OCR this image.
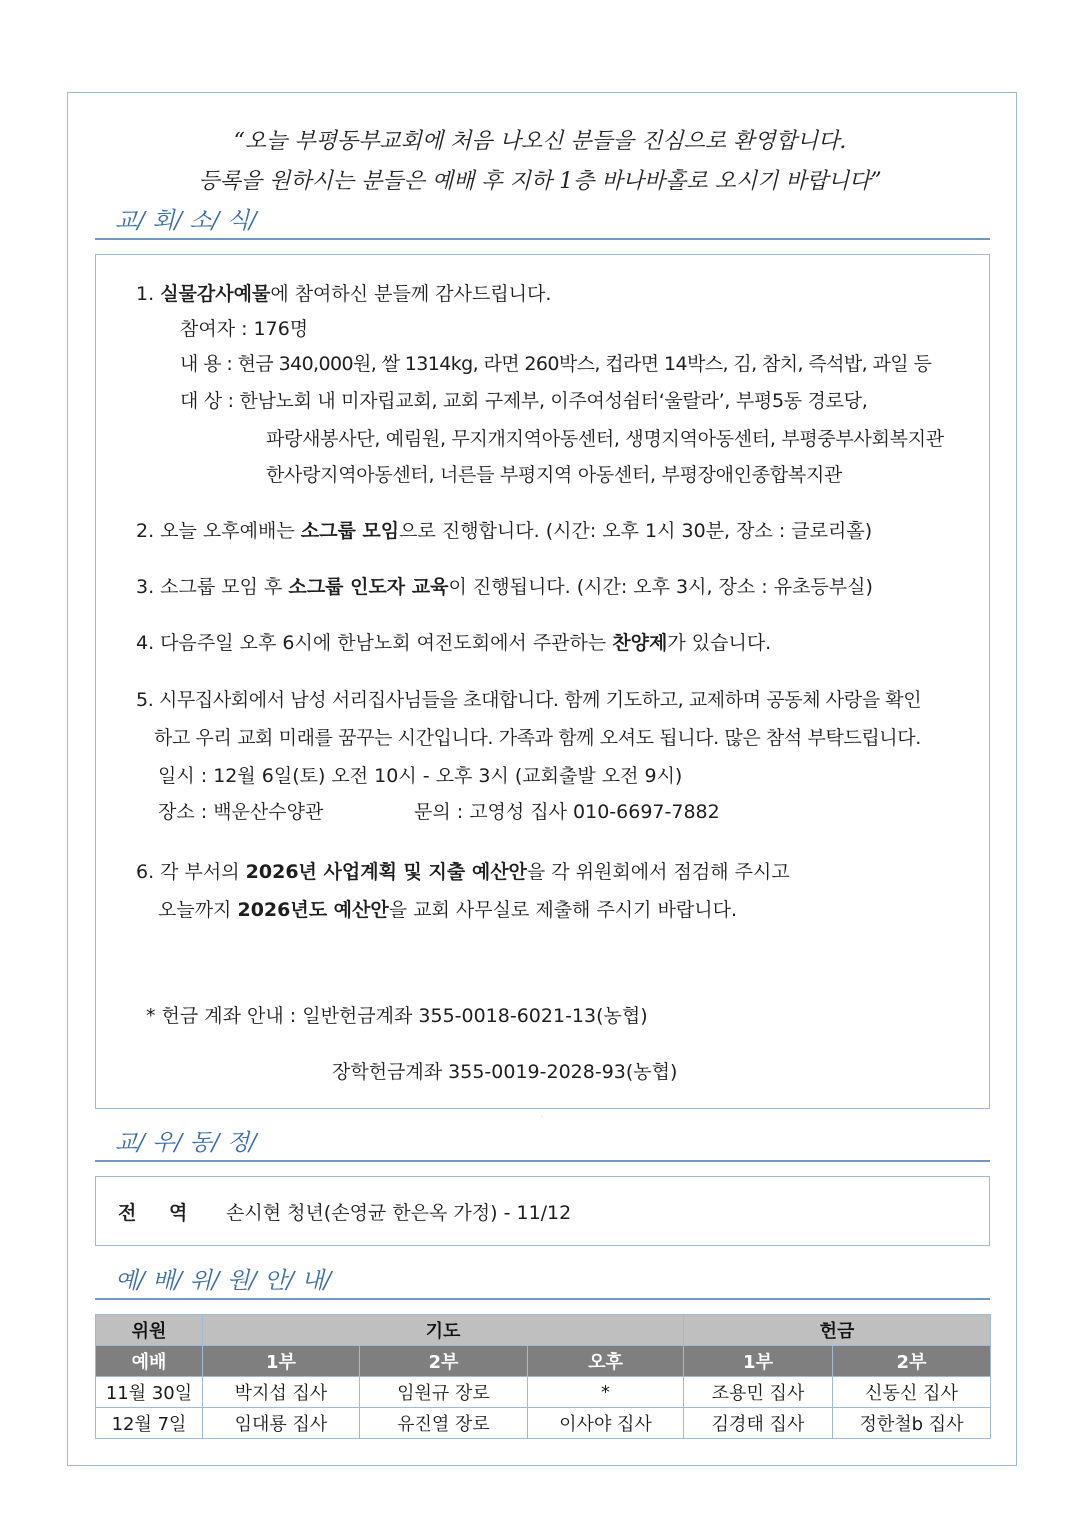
“오늘 부평동부교회에 처음 나오신 분들을 진심으로 환영합니다.
등록을 원하시는 분들은 예배 후 지하 1층 바나바홀로 오시기 바랍니다”
교/ 회/ 소/ 식/
1. 실물감사예물에 참여하신 분들께 감사드립니다.
참여자 : 176명
내 용 : 현금 340,000원, 쌀 1314kg, 라면 260박스, 컵라면 14박스, 김, 참치, 즉석밥, 과일 등
대 상 : 한남노회 내 미자립교회, 교회 구제부, 이주여성쉼터‘울랄라’, 부평5동 경로당,
파랑새봉사단, 예림원, 무지개지역아동센터, 생명지역아동센터, 부평중부사회복지관
한사랑지역아동센터, 너른들 부평지역 아동센터, 부평장애인종합복지관
2. 오늘 오후예배는 소그룹 모임으로 진행합니다. (시간: 오후 1시 30분, 장소 : 글로리홀)
3. 소그룹 모임 후 소그룹 인도자 교육이 진행됩니다. (시간: 오후 3시, 장소 : 유초등부실)
4. 다음주일 오후 6시에 한남노회 여전도회에서 주관하는 찬양제가 있습니다.
5. 시무집사회에서 남성 서리집사님들을 초대합니다. 함께 기도하고, 교제하며 공동체 사랑을 확인
하고 우리 교회 미래를 꿈꾸는 시간입니다. 가족과 함께 오셔도 됩니다. 많은 참석 부탁드립니다.
일시 : 12월 6일(토) 오전 10시 - 오후 3시 (교회출발 오전 9시)
장소 : 백운산수양관	문의 : 고영성 집사 010-6697-7882
6. 각 부서의 2026년 사업계획 및 지출 예산안을 각 위원회에서 점검해 주시고
오늘까지 2026년도 예산안을 교회 사무실로 제출해 주시기 바랍니다.
* 헌금 계좌 안내 : 일반헌금계좌 355-0018-6021-13(농협)
장학헌금계좌 355-0019-2028-93(농협)
.
교/ 우/ 동/ 정/
전 역 손시현 청년(손영균 한은옥 가정) - 11/12
예/ 배/ 위/ 원/ 안/ 내/
위원	기도			헌금	
예배	1부	2부	오후	1부	2부
11월 30일	박지섭 집사	임원규 장로	*	조용민 집사	신동신 집사
12월 7일	임대룡 집사	유진열 장로	이사야 집사	김경태 집사	정한철b 집사
